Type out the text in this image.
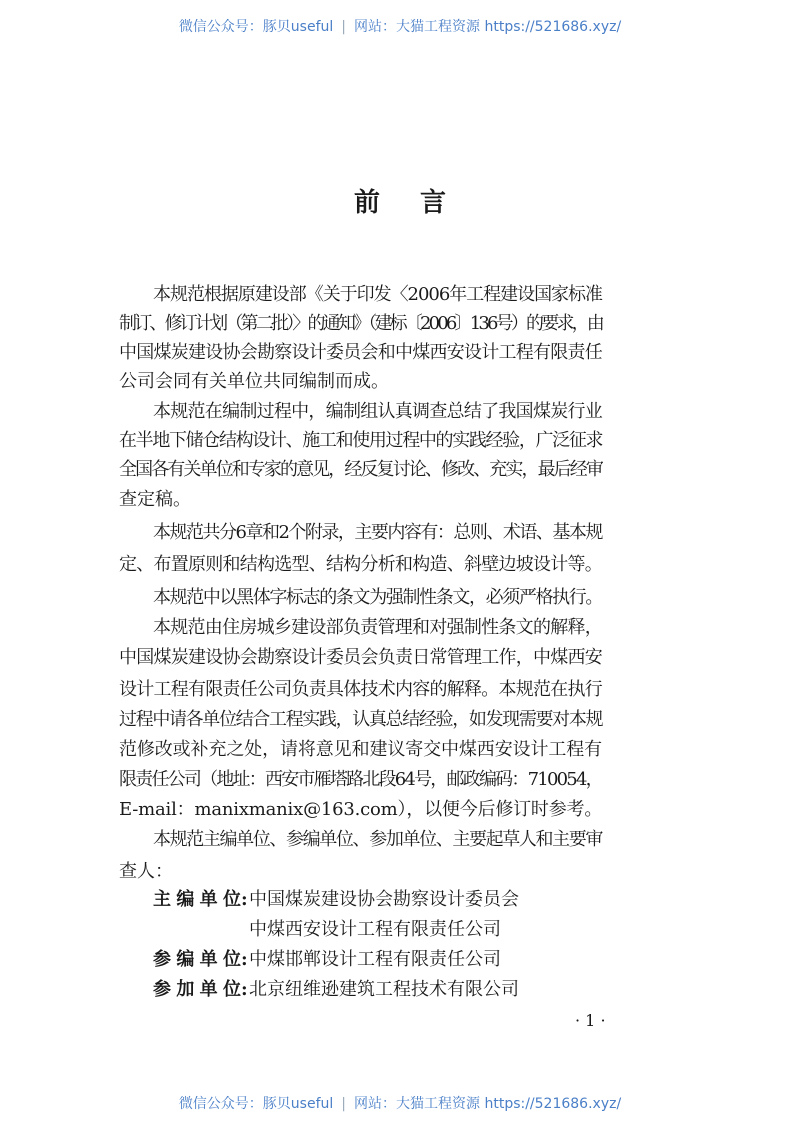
微信公众号：豚贝useful | 网站：大猫工程资源 https://521686.xyz/
前言
本规范根据原建设部《关于印发〈2006年工程建设国家标准
制订、修订计划（第二批）〉的通知》（建标〔2006〕136号）的要求，由
中国煤炭建设协会勘察设计委员会和中煤西安设计工程有限责任
公司会同有关单位共同编制而成。
本规范在编制过程中，编制组认真调查总结了我国煤炭行业
在半地下储仓结构设计、施工和使用过程中的实践经验，广泛征求
全国各有关单位和专家的意见，经反复讨论、修改、充实，最后经审
查定稿。
本规范共分6章和2个附录，主要内容有：总则、术语、基本规
定、布置原则和结构选型、结构分析和构造、斜壁边坡设计等。
本规范中以黑体字标志的条文为强制性条文，必须严格执行。
本规范由住房城乡建设部负责管理和对强制性条文的解释，
中国煤炭建设协会勘察设计委员会负责日常管理工作，中煤西安
设计工程有限责任公司负责具体技术内容的解释。本规范在执行
过程中请各单位结合工程实践，认真总结经验，如发现需要对本规
范修改或补充之处，请将意见和建议寄交中煤西安设计工程有
限责任公司（地址：西安市雁塔路北段64号，邮政编码：710054，
E-mail：manixmanix@163.com），以便今后修订时参考。
本规范主编单位、参编单位、参加单位、主要起草人和主要审
查人：
主编单位 : 中国煤炭建设协会勘察设计委员会
中煤西安设计工程有限责任公司
参编单位 : 中煤邯郸设计工程有限责任公司
参加单位 : 北京纽维逊建筑工程技术有限公司
· 1 ·
微信公众号：豚贝useful | 网站：大猫工程资源 https://521686.xyz/
